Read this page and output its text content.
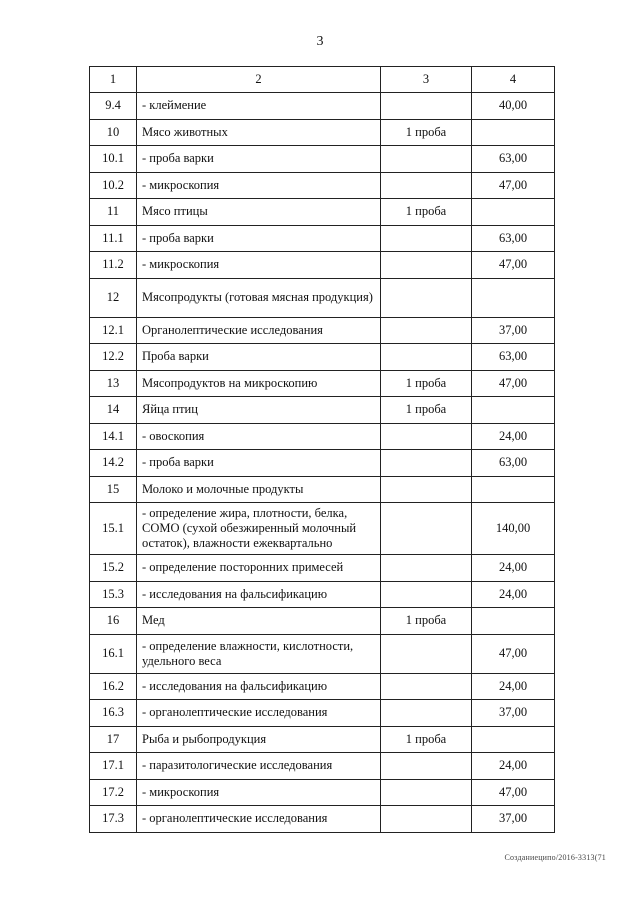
3
1	2	3	4
9.4	- клеймение		40,00
10	Мясо животных	1 проба	
10.1	- проба варки		63,00
10.2	- микроскопия		47,00
11	Мясо птицы	1 проба	
11.1	- проба варки		63,00
11.2	- микроскопия		47,00
12	Мясопродукты (готовая мясная продукция)		
12.1	Органолептические исследования		37,00
12.2	Проба варки		63,00
13	Мясопродуктов на микроскопию	1 проба	47,00
14	Яйца птиц	1 проба	
14.1	- овоскопия		24,00
14.2	- проба варки		63,00
15	Молоко и молочные продукты		
15.1	- определение жира, плотности, белка, СОМО (сухой обезжиренный молочный остаток), влажности ежеквартально		140,00
15.2	- определение посторонних примесей		24,00
15.3	- исследования на фальсификацию		24,00
16	Мед	1 проба	
16.1	- определение влажности, кислотности, удельного веса		47,00
16.2	- исследования на фальсификацию		24,00
16.3	- органолептические исследования		37,00
17	Рыба и рыбопродукция	1 проба	
17.1	- паразитологические исследования		24,00
17.2	- микроскопия		47,00
17.3	- органолептические исследования		37,00
Созданиеципо/2016-3313(71
